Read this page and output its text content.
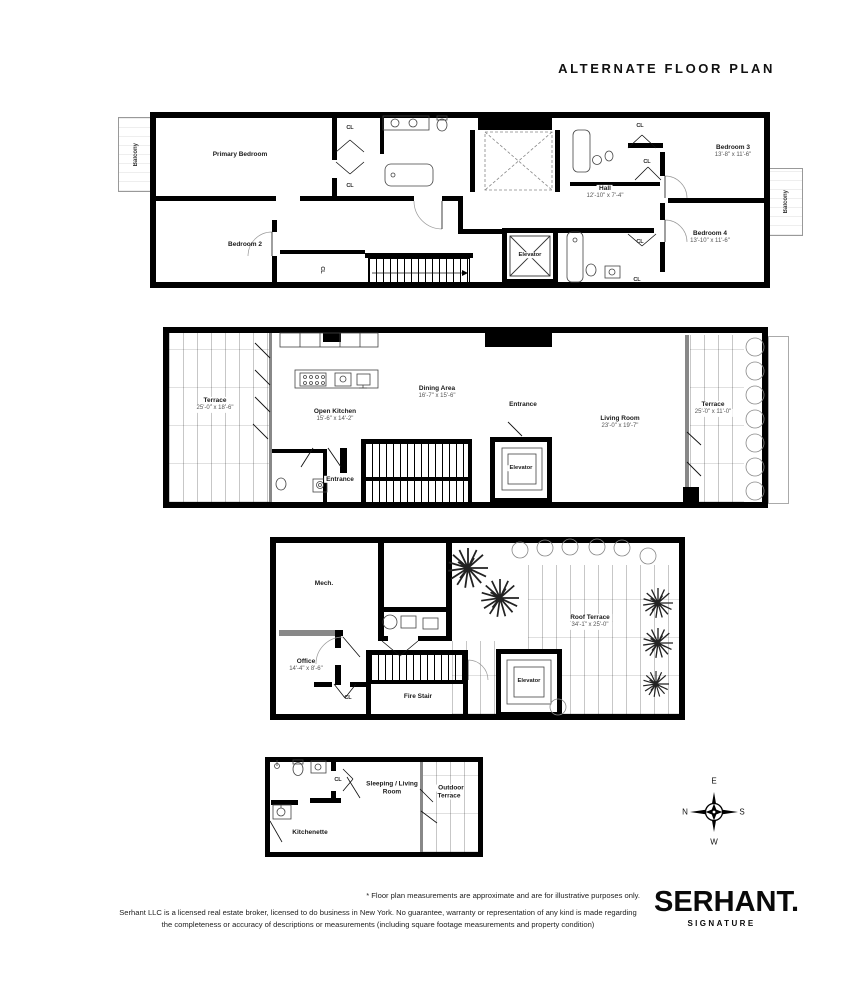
ALTERNATE FLOOR PLAN
Balcony
Balcony
Primary Bedroom
Bedroom 2
Hall
12'-10" x 7'-4"
Bedroom 3
13'-8" x 11'-6"
Bedroom 4
13'-10" x 11'-6"
Elevator
CL
CL
CL
CL
CL
CL
CL
Terrace
25'-0" x 18'-6"	Open Kitchen
15'-6" x 14'-2"
Dining Area
16'-7" x 15'-6"
Entrance
Elevator
Entrance
Living Room
23'-0" x 19'-7"
Terrace
25'-0" x 11'-0"
Mech.
Office
14'-4" x 8'-6"
CL	Fire Stair
Elevator
Roof Terrace
34'-1" x 25'-0"
Kitchenette
Sleeping / Living Room
Outdoor Terrace
CL	E
N	S
W
* Floor plan measurements are approximate and are for illustrative purposes only.
Serhant LLC is a licensed real estate broker, licensed to do business in New York. No guarantee, warranty or representation of any kind is made regarding the completeness or accuracy of descriptions or measurements (including square footage measurements and property condition)
SERHANT.
SIGNATURE
